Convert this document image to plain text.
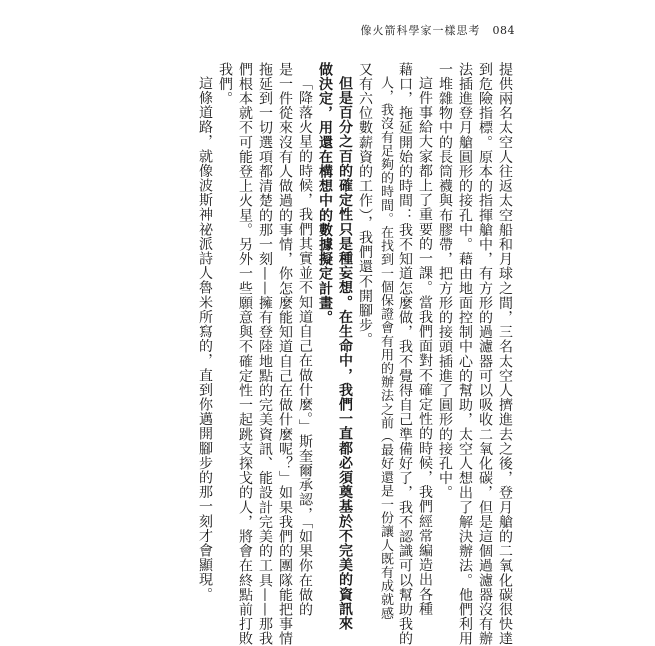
像火箭科學家一樣思考 084
提供兩名太空人往返太空船和月球之間，三名太空人擠進去之後，登月艙的二氧化碳很快達
到危險指標。原本的指揮艙中，有方形的過濾器可以吸收二氧化碳，但是這個過濾器沒有辦
法插進登月艙圓形的接孔中。藉由地面控制中心的幫助，太空人想出了解決辦法。他們利用
一堆雜物中的長筒襪與布膠帶，把方形的接頭插進了圓形的接孔中。
這件事給大家都上了重要的一課。當我們面對不確定性的時候，我們經常編造出各種
藉口，拖延開始的時間：我不知道怎麼做，我不覺得自己準備好了，我不認識可以幫助我的
人，我沒有足夠的時間。在找到一個保證會有用的辦法之前（最好還是一份讓人既有成就感
又有六位數薪資的工作），我們還不開腳步。
但是百分之百的確定性只是種妄想。在生命中，我們一直都必須奠基於不完美的資訊來
做決定，用還在構想中的數據擬定計畫。
「降落火星的時候，我們其實並不知道自己在做什麼。」斯奎爾承認，「如果你在做的
是一件從來沒有人做過的事情，你怎麼能知道自己在做什麼呢？」如果我們的團隊能把事情
拖延到一切選項都清楚的那一刻——擁有登陸地點的完美資訊、能設計完美的工具——那我
們根本就不可能登上火星。另外一些願意與不確定性一起跳支探戈的人，將會在終點前打敗
我們。
這條道路，就像波斯神祕派詩人魯米所寫的，直到你邁開腳步的那一刻才會顯現。
